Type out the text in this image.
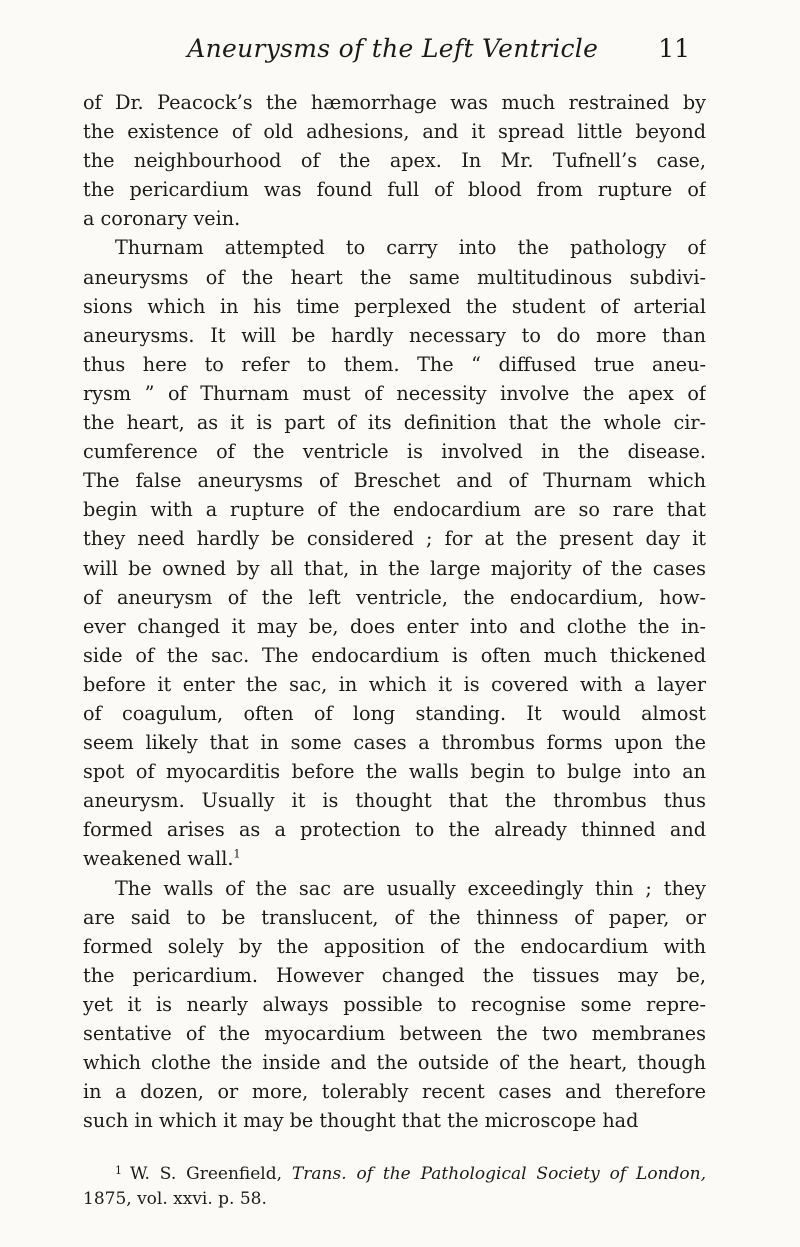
Aneurysms of the Left Ventricle 11
of Dr. Peacock’s the hæmorrhage was much restrained by
the existence of old adhesions, and it spread little beyond
the neighbourhood of the apex. In Mr. Tufnell’s case,
the pericardium was found full of blood from rupture of
a coronary vein.
Thurnam attempted to carry into the pathology of
aneurysms of the heart the same multitudinous subdivi-
sions which in his time perplexed the student of arterial
aneurysms. It will be hardly necessary to do more than
thus here to refer to them. The “ diffused true aneu-
rysm ” of Thurnam must of necessity involve the apex of
the heart, as it is part of its definition that the whole cir-
cumference of the ventricle is involved in the disease.
The false aneurysms of Breschet and of Thurnam which
begin with a rupture of the endocardium are so rare that
they need hardly be considered ; for at the present day it
will be owned by all that, in the large majority of the cases
of aneurysm of the left ventricle, the endocardium, how-
ever changed it may be, does enter into and clothe the in-
side of the sac. The endocardium is often much thickened
before it enter the sac, in which it is covered with a layer
of coagulum, often of long standing. It would almost
seem likely that in some cases a thrombus forms upon the
spot of myocarditis before the walls begin to bulge into an
aneurysm. Usually it is thought that the thrombus thus
formed arises as a protection to the already thinned and
weakened wall.$^1$
The walls of the sac are usually exceedingly thin ; they
are said to be translucent, of the thinness of paper, or
formed solely by the apposition of the endocardium with
the pericardium. However changed the tissues may be,
yet it is nearly always possible to recognise some repre-
sentative of the myocardium between the two membranes
which clothe the inside and the outside of the heart, though
in a dozen, or more, tolerably recent cases and therefore
such in which it may be thought that the microscope had
$^1$ W. S. Greenfield, Trans. of the Pathological Society of London,
1875, vol. xxvi. p. 58.
